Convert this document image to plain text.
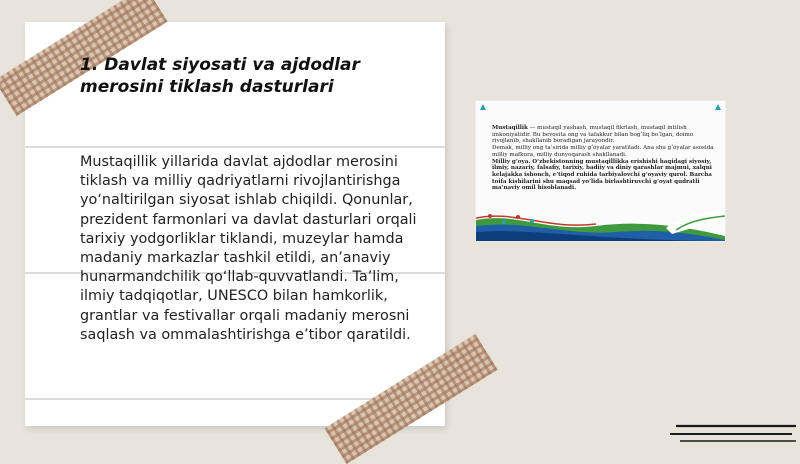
1. Davlat siyosati va ajdodlar merosini tiklash dasturlari

Mustaqillik yillarida davlat ajdodlar merosini tiklash va milliy qadriyatlarni rivojlantirishga yo‘naltirilgan siyosat ishlab chiqildi. Qonunlar, prezident farmonlari va davlat dasturlari orqali tarixiy yodgorliklar tiklandi, muzeylar hamda madaniy markazlar tashkil etildi, an’anaviy hunarmandchilik qo‘llab-quvvatlandi. Ta’lim, ilmiy tadqiqotlar, UNESCO bilan hamkorlik, grantlar va festivallar orqali madaniy merosni saqlash va ommalashtirishga e’tibor qaratildi.

Mustaqillik — mustaqil yashash, mustaqil fikrlash, mustaqil intilish imkoniyatidir. Bu bevosita ong va tafakkur bilan bog‘liq bo‘lgan, doimo rivojlanib, shakllanib boradigan jarayondir.

Demak, milliy ong ta’sirida milliy g‘oyalar yaratiladi. Ana shu g‘oyalar asosida milliy mafkura, milliy dunyoqarash shakllanadi.

Milliy g‘oya. O‘zbekistonning mustaqillikka erishishi haqidagi siyosiy, ilmiy, nazariy, falsafiy, tarixiy, badiiy va diniy qarashlar majmui, xalqni kelajakka ishonch, e’tiqod ruhida tarbiyalovchi g‘oyaviy qurol. Barcha toifa kishilarini shu maqsad yo‘lida birlashtiruvchi g‘oyat qudratli ma’naviy omil hisoblanadi.
